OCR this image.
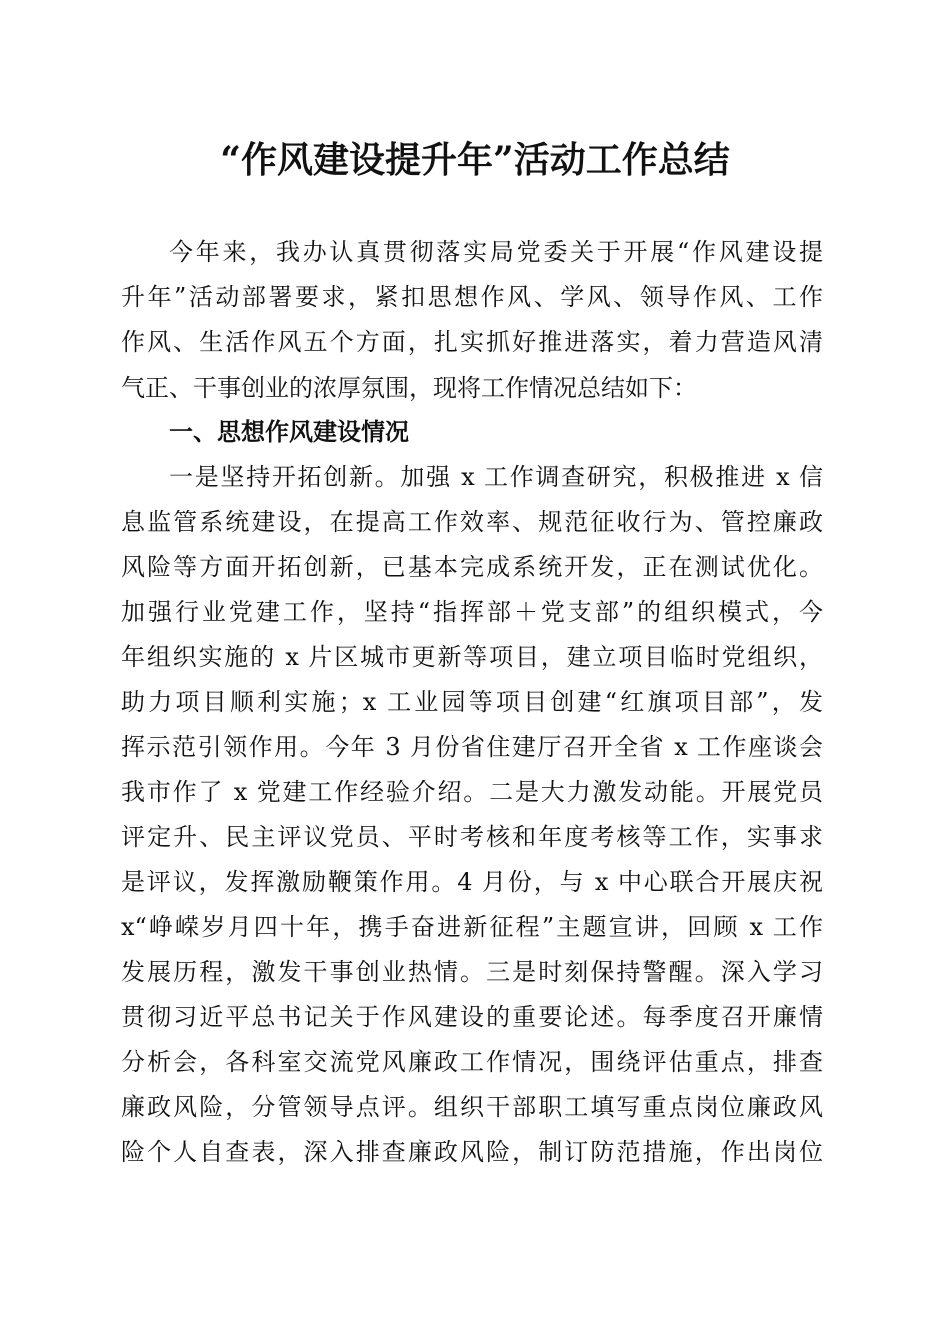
“作风建设提升年”活动工作总结
今年来，我办认真贯彻落实局党委关于开展“作风建设提
升年”活动部署要求，紧扣思想作风、学风、领导作风、工作
作风、生活作风五个方面，扎实抓好推进落实，着力营造风清
气正、干事创业的浓厚氛围，现将工作情况总结如下：
一、思想作风建设情况
一是坚持开拓创新。加强 x 工作调查研究，积极推进 x 信
息监管系统建设，在提高工作效率、规范征收行为、管控廉政
风险等方面开拓创新，已基本完成系统开发，正在测试优化。
加强行业党建工作，坚持“指挥部＋党支部”的组织模式，今
年组织实施的 x 片区城市更新等项目，建立项目临时党组织，
助力项目顺利实施；x 工业园等项目创建“红旗项目部”，发
挥示范引领作用。今年 3 月份省住建厅召开全省 x 工作座谈会
我市作了 x 党建工作经验介绍。二是大力激发动能。开展党员
评定升、民主评议党员、平时考核和年度考核等工作，实事求
是评议，发挥激励鞭策作用。4 月份，与 x 中心联合开展庆祝
x“峥嵘岁月四十年，携手奋进新征程”主题宣讲，回顾 x 工作
发展历程，激发干事创业热情。三是时刻保持警醒。深入学习
贯彻习近平总书记关于作风建设的重要论述。每季度召开廉情
分析会，各科室交流党风廉政工作情况，围绕评估重点，排查
廉政风险，分管领导点评。组织干部职工填写重点岗位廉政风
险个人自查表，深入排查廉政风险，制订防范措施，作出岗位
